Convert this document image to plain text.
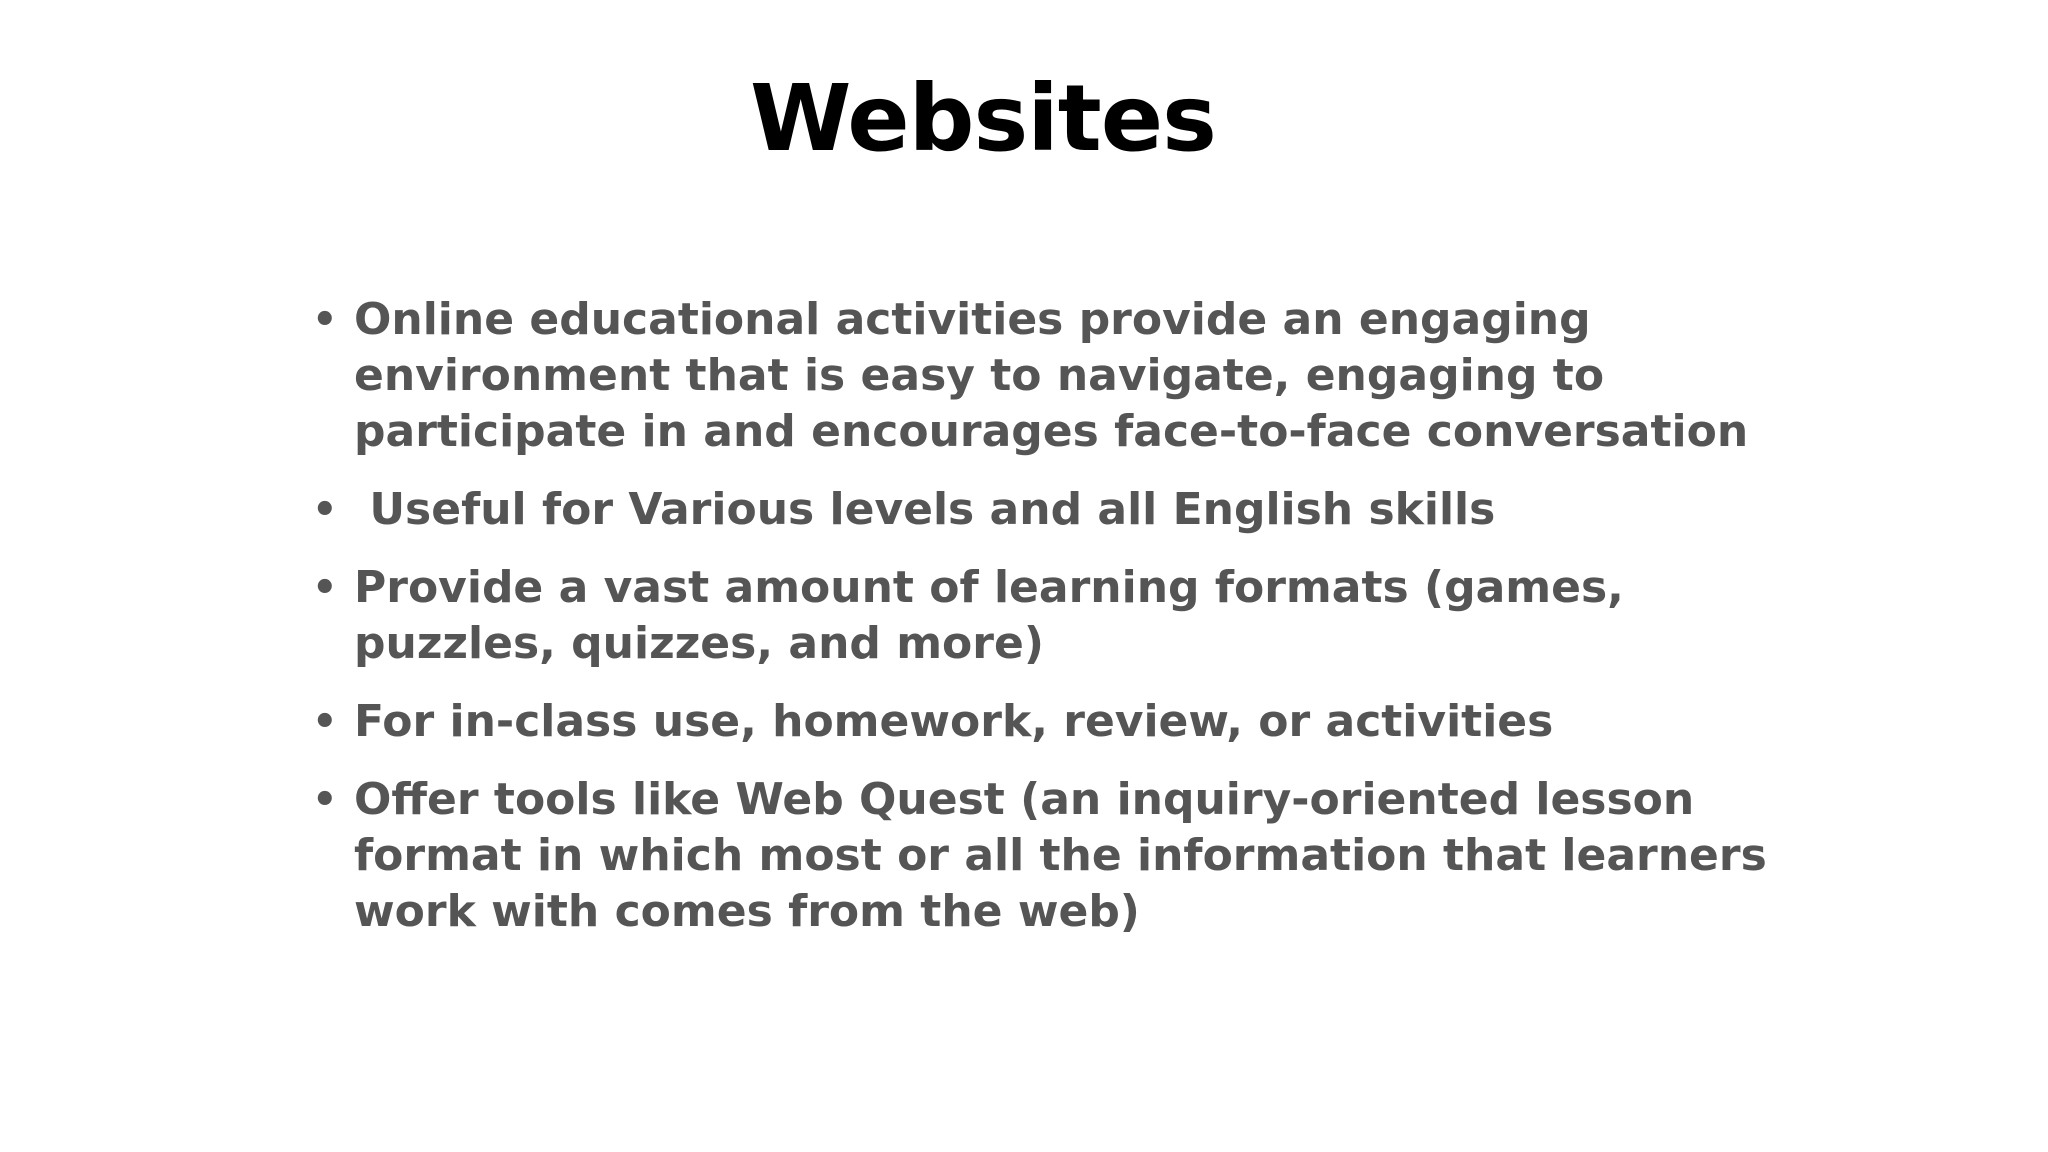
Websites
• Online educational activities provide an engaging environment that is easy to navigate, engaging to participate in and encourages face-to-face conversation
• Useful for Various levels and all English skills
• Provide a vast amount of learning formats (games, puzzles, quizzes, and more)
• For in-class use, homework, review, or activities
• Offer tools like Web Quest (an inquiry-oriented lesson format in which most or all the information that learners work with comes from the web)
